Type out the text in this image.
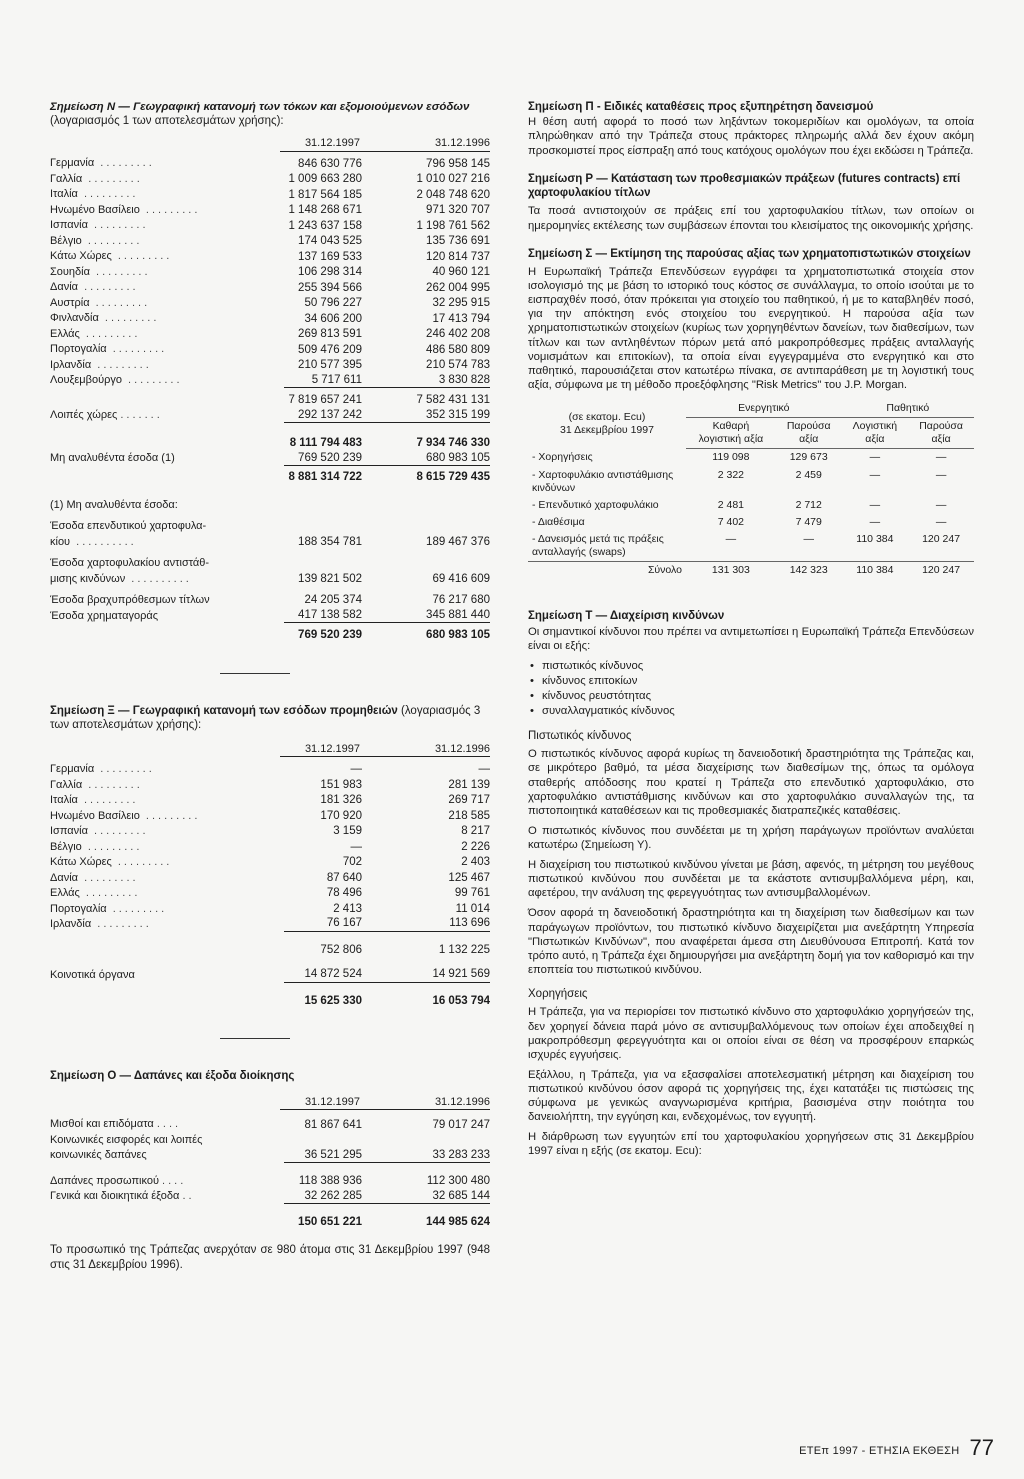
Σημείωση Ν — Γεωγραφική κατανομή των τόκων και εξομοιούμενων εσόδων (λογαριασμός 1 των αποτελεσμάτων χρήσης):
31.12.1997	31.12.1996
Γερμανία .........	846 630 776	796 958 145
Γαλλία .........	1 009 663 280	1 010 027 216
Ιταλία .........	1 817 564 185	2 048 748 620
Ηνωμένο Βασίλειο .........	1 148 268 671	971 320 707
Ισπανία .........	1 243 637 158	1 198 761 562
Βέλγιο .........	174 043 525	135 736 691
Κάτω Χώρες .........	137 169 533	120 814 737
Σουηδία .........	106 298 314	40 960 121
Δανία .........	255 394 566	262 004 995
Αυστρία .........	50 796 227	32 295 915
Φινλανδία .........	34 606 200	17 413 794
Ελλάς .........	269 813 591	246 402 208
Πορτογαλία .........	509 476 209	486 580 809
Ιρλανδία .........	210 577 395	210 574 783
Λουξεμβούργο .........	5 717 611	3 830 828
7 819 657 241	7 582 431 131
Λοιπές χώρες .......	292 137 242	352 315 199
8 111 794 483	7 934 746 330
Μη αναλυθέντα έσοδα (1)	769 520 239	680 983 105
8 881 314 722	8 615 729 435
(1) Μη αναλυθέντα έσοδα:
Έσοδα επενδυτικού χαρτοφυλα-
κίου ..........	188 354 781	189 467 376
Έσοδα χαρτοφυλακίου αντιστάθ-
μισης κινδύνων ..........	139 821 502	69 416 609
Έσοδα βραχυπρόθεσμων τίτλων	24 205 374	76 217 680
Έσοδα χρηματαγοράς	417 138 582	345 881 440
769 520 239	680 983 105
Σημείωση Ξ — Γεωγραφική κατανομή των εσόδων προμηθειών (λογαριασμός 3 των αποτελεσμάτων χρήσης):
31.12.1997	31.12.1996
Γερμανία .........	—	—
Γαλλία .........	151 983	281 139
Ιταλία .........	181 326	269 717
Ηνωμένο Βασίλειο .........	170 920	218 585
Ισπανία .........	3 159	8 217
Βέλγιο .........	—	2 226
Κάτω Χώρες .........	702	2 403
Δανία .........	87 640	125 467
Ελλάς .........	78 496	99 761
Πορτογαλία .........	2 413	11 014
Ιρλανδία .........	76 167	113 696
752 806	1 132 225
Κοινοτικά όργανα	14 872 524	14 921 569
15 625 330	16 053 794
Σημείωση Ο — Δαπάνες και έξοδα διοίκησης
31.12.1997	31.12.1996
Μισθοί και επιδόματα ....	81 867 641	79 017 247
Κοινωνικές εισφορές και λοιπές
κοινωνικές δαπάνες	36 521 295	33 283 233
Δαπάνες προσωπικού ....	118 388 936	112 300 480
Γενικά και διοικητικά έξοδα ..	32 262 285	32 685 144
150 651 221	144 985 624
Το προσωπικό της Τράπεζας ανερχόταν σε 980 άτομα στις 31 Δεκεμβρίου 1997 (948 στις 31 Δεκεμβρίου 1996).
Σημείωση Π - Ειδικές καταθέσεις προς εξυπηρέτηση δανεισμού
Η θέση αυτή αφορά το ποσό των ληξάντων τοκομεριδίων και ομολόγων, τα οποία πληρώθηκαν από την Τράπεζα στους πράκτορες πληρωμής αλλά δεν έχουν ακόμη προσκομιστεί προς είσπραξη από τους κατόχους ομολόγων που έχει εκδώσει η Τράπεζα.
Σημείωση Ρ — Κατάσταση των προθεσμιακών πράξεων (futures contracts) επί χαρτοφυλακίου τίτλων
Τα ποσά αντιστοιχούν σε πράξεις επί του χαρτοφυλακίου τίτλων, των οποίων οι ημερομηνίες εκτέλεσης των συμβάσεων έπονται του κλεισίματος της οικονομικής χρήσης.
Σημείωση Σ — Εκτίμηση της παρούσας αξίας των χρηματοπιστωτικών στοιχείων
Η Ευρωπαϊκή Τράπεζα Επενδύσεων εγγράφει τα χρηματοπιστωτικά στοιχεία στον ισολογισμό της με βάση το ιστορικό τους κόστος σε συνάλλαγμα, το οποίο ισούται με το εισπραχθέν ποσό, όταν πρόκειται για στοιχείο του παθητικού, ή με το καταβληθέν ποσό, για την απόκτηση ενός στοιχείου του ενεργητικού. Η παρούσα αξία των χρηματοπιστωτικών στοιχείων (κυρίως των χορηγηθέντων δανείων, των διαθεσίμων, των τίτλων και των αντληθέντων πόρων μετά από μακροπρόθεσμες πράξεις ανταλλαγής νομισμάτων και επιτοκίων), τα οποία είναι εγγεγραμμένα στο ενεργητικό και στο παθητικό, παρουσιάζεται στον κατωτέρω πίνακα, σε αντιπαράθεση με τη λογιστική τους αξία, σύμφωνα με τη μέθοδο προεξόφλησης "Risk Metrics" του J.P. Morgan.
(σε εκατομ. Ecu)
31 Δεκεμβρίου 1997	Ενεργητικό		Παθητικό	
	Καθαρή λογιστική αξία	Παρούσα αξία	Λογιστική αξία	Παρούσα αξία
- Χορηγήσεις	119 098	129 673	—	—
- Χαρτοφυλάκιο αντιστάθμισης κινδύνων	2 322	2 459	—	—
- Επενδυτικό χαρτοφυλάκιο	2 481	2 712	—	—
- Διαθέσιμα	7 402	7 479	—	—
- Δανεισμός μετά τις πράξεις ανταλλαγής (swaps)	—	—	110 384	120 247
Σύνολο	131 303	142 323	110 384	120 247
Σημείωση Τ — Διαχείριση κινδύνων
Οι σημαντικοί κίνδυνοι που πρέπει να αντιμετωπίσει η Ευρωπαϊκή Τράπεζα Επενδύσεων είναι οι εξής:
• πιστωτικός κίνδυνος
• κίνδυνος επιτοκίων
• κίνδυνος ρευστότητας
• συναλλαγματικός κίνδυνος
Πιστωτικός κίνδυνος
Ο πιστωτικός κίνδυνος αφορά κυρίως τη δανειοδοτική δραστηριότητα της Τράπεζας και, σε μικρότερο βαθμό, τα μέσα διαχείρισης των διαθεσίμων της, όπως τα ομόλογα σταθερής απόδοσης που κρατεί η Τράπεζα στο επενδυτικό χαρτοφυλάκιο, στο χαρτοφυλάκιο αντιστάθμισης κινδύνων και στο χαρτοφυλάκιο συναλλαγών της, τα πιστοποιητικά καταθέσεων και τις προθεσμιακές διατραπεζικές καταθέσεις.
Ο πιστωτικός κίνδυνος που συνδέεται με τη χρήση παράγωγων προϊόντων αναλύεται κατωτέρω (Σημείωση Υ).
Η διαχείριση του πιστωτικού κινδύνου γίνεται με βάση, αφενός, τη μέτρηση του μεγέθους πιστωτικού κινδύνου που συνδέεται με τα εκάστοτε αντισυμβαλλόμενα μέρη, και, αφετέρου, την ανάλυση της φερεγγυότητας των αντισυμβαλλομένων.
Όσον αφορά τη δανειοδοτική δραστηριότητα και τη διαχείριση των διαθεσίμων και των παράγωγων προϊόντων, του πιστωτικό κίνδυνο διαχειρίζεται μια ανεξάρτητη Υπηρεσία "Πιστωτικών Κινδύνων", που αναφέρεται άμεσα στη Διευθύνουσα Επιτροπή. Κατά τον τρόπο αυτό, η Τράπεζα έχει δημιουργήσει μια ανεξάρτητη δομή για τον καθορισμό και την εποπτεία του πιστωτικού κινδύνου.
Χορηγήσεις
Η Τράπεζα, για να περιορίσει τον πιστωτικό κίνδυνο στο χαρτοφυλάκιο χορηγήσεών της, δεν χορηγεί δάνεια παρά μόνο σε αντισυμβαλλόμενους των οποίων έχει αποδειχθεί η μακροπρόθεσμη φερεγγυότητα και οι οποίοι είναι σε θέση να προσφέρουν επαρκώς ισχυρές εγγυήσεις.
Εξάλλου, η Τράπεζα, για να εξασφαλίσει αποτελεσματική μέτρηση και διαχείριση του πιστωτικού κινδύνου όσον αφορά τις χορηγήσεις της, έχει κατατάξει τις πιστώσεις της σύμφωνα με γενικώς αναγνωρισμένα κριτήρια, βασισμένα στην ποιότητα του δανειολήπτη, την εγγύηση και, ενδεχομένως, τον εγγυητή.
Η διάρθρωση των εγγυητών επί του χαρτοφυλακίου χορηγήσεων στις 31 Δεκεμβρίου 1997 είναι η εξής (σε εκατομ. Ecu):
ΕΤΕπ 1997 - ΕΤΗΣΙΑ ΕΚΘΕΣΗ 77
